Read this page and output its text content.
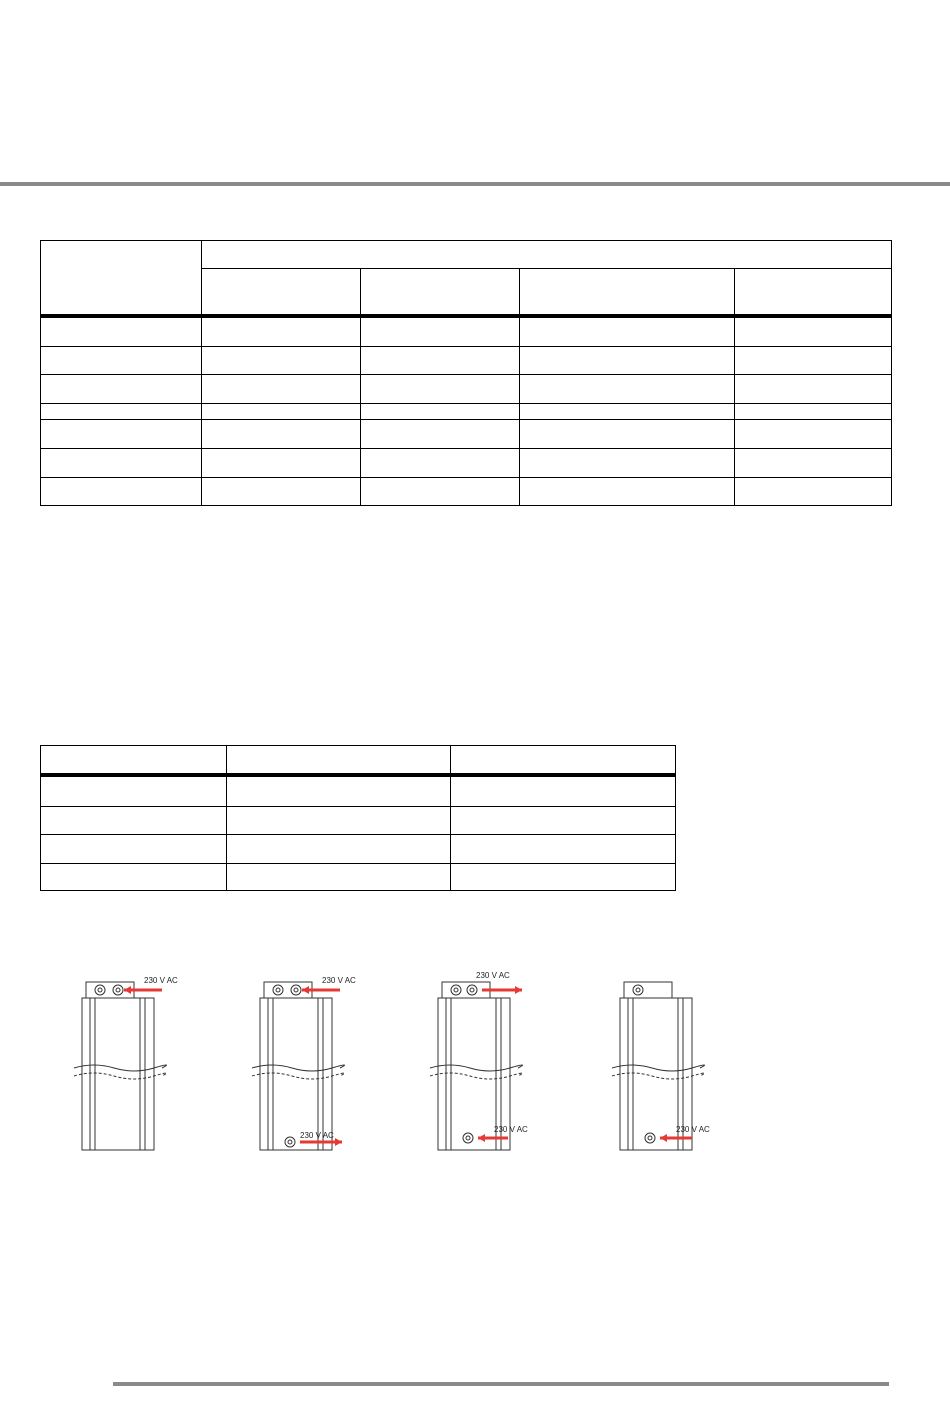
230 V AC	230 V AC
230 V AC
230 V AC
230 V AC	230 V AC
